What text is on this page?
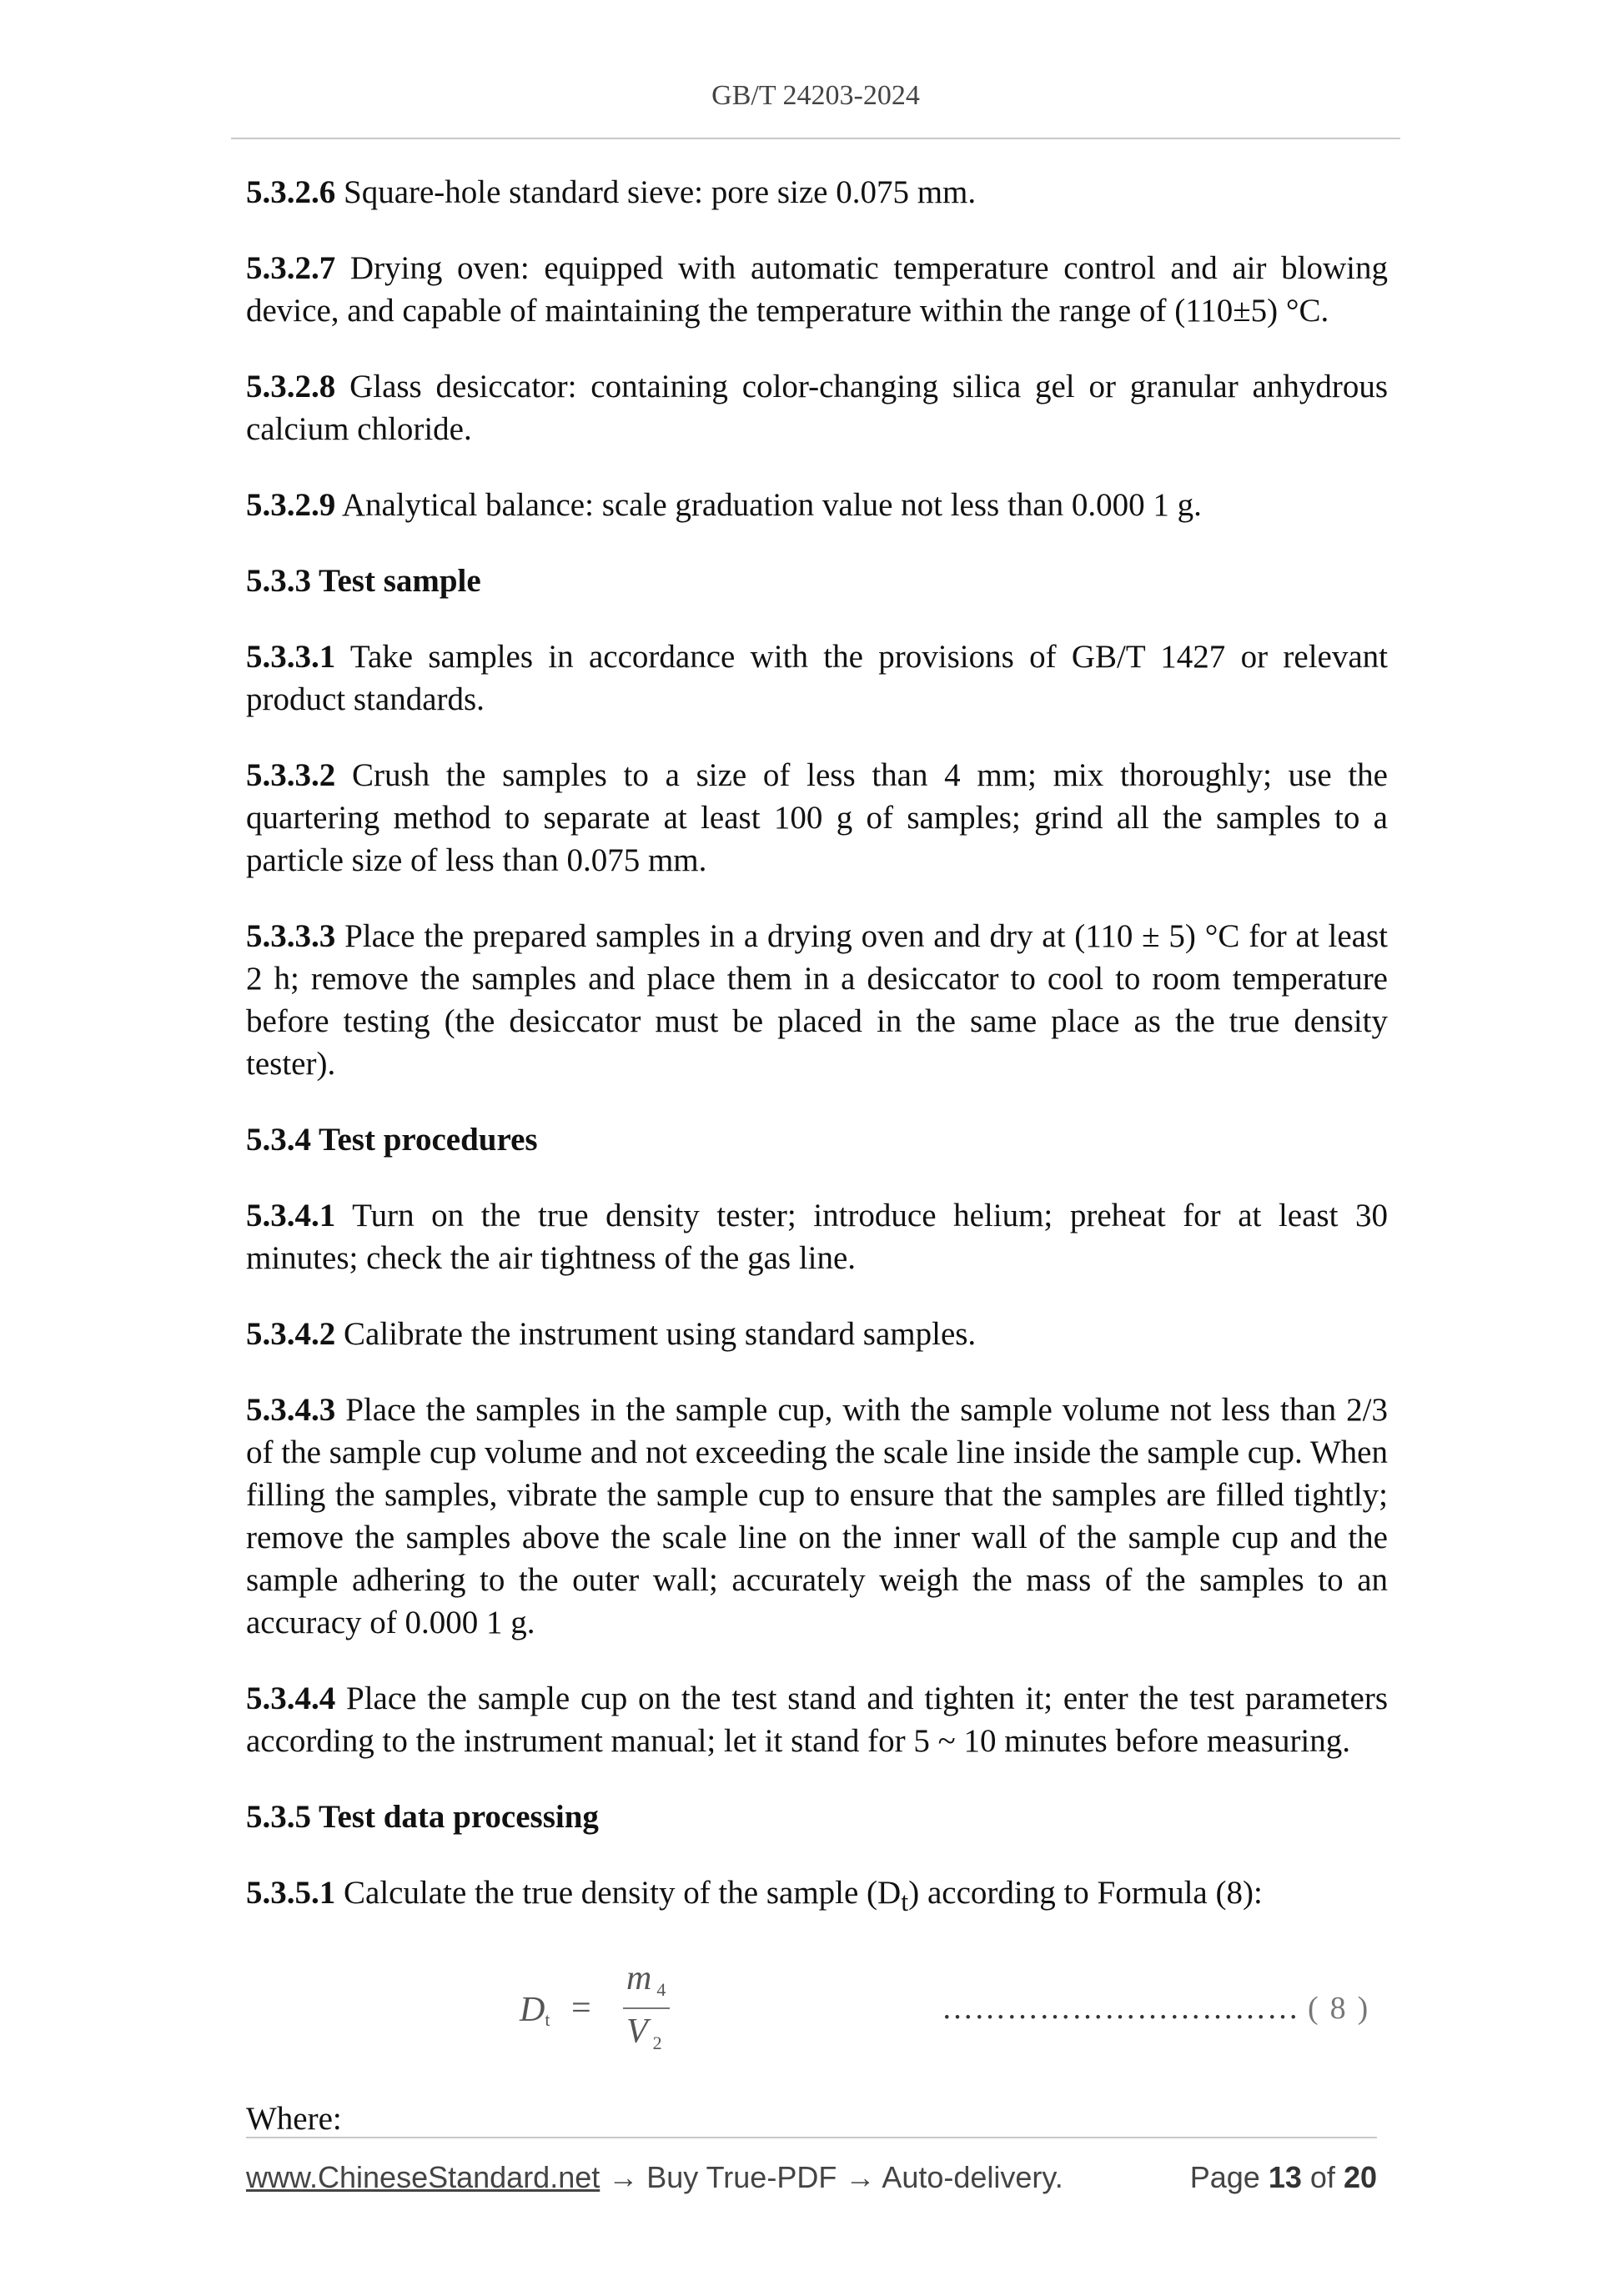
GB/T 24203-2024

5.3.2.6 Square-hole standard sieve: pore size 0.075 mm.

5.3.2.7 Drying oven: equipped with automatic temperature control and air blowing device, and capable of maintaining the temperature within the range of (110±5) °C.

5.3.2.8 Glass desiccator: containing color-changing silica gel or granular anhydrous calcium chloride.

5.3.2.9 Analytical balance: scale graduation value not less than 0.000 1 g.

5.3.3 Test sample

5.3.3.1 Take samples in accordance with the provisions of GB/T 1427 or relevant product standards.

5.3.3.2 Crush the samples to a size of less than 4 mm; mix thoroughly; use the quartering method to separate at least 100 g of samples; grind all the samples to a particle size of less than 0.075 mm.

5.3.3.3 Place the prepared samples in a drying oven and dry at (110 ± 5) °C for at least 2 h; remove the samples and place them in a desiccator to cool to room temperature before testing (the desiccator must be placed in the same place as the true density tester).

5.3.4 Test procedures

5.3.4.1 Turn on the true density tester; introduce helium; preheat for at least 30 minutes; check the air tightness of the gas line.

5.3.4.2 Calibrate the instrument using standard samples.

5.3.4.3 Place the samples in the sample cup, with the sample volume not less than 2/3 of the sample cup volume and not exceeding the scale line inside the sample cup. When filling the samples, vibrate the sample cup to ensure that the samples are filled tightly; remove the samples above the scale line on the inner wall of the sample cup and the sample adhering to the outer wall; accurately weigh the mass of the samples to an accuracy of 0.000 1 g.

5.3.4.4 Place the sample cup on the test stand and tighten it; enter the test parameters according to the instrument manual; let it stand for 5 ~ 10 minutes before measuring.

5.3.5 Test data processing

5.3.5.1 Calculate the true density of the sample $(D_t)$ according to Formula (8):

$D_t$ =
m $_4$
V $_2$
…………………………… (8)

Where:

www.ChineseStandard.net → Buy True-PDF → Auto-delivery.	Page 13 of 20
